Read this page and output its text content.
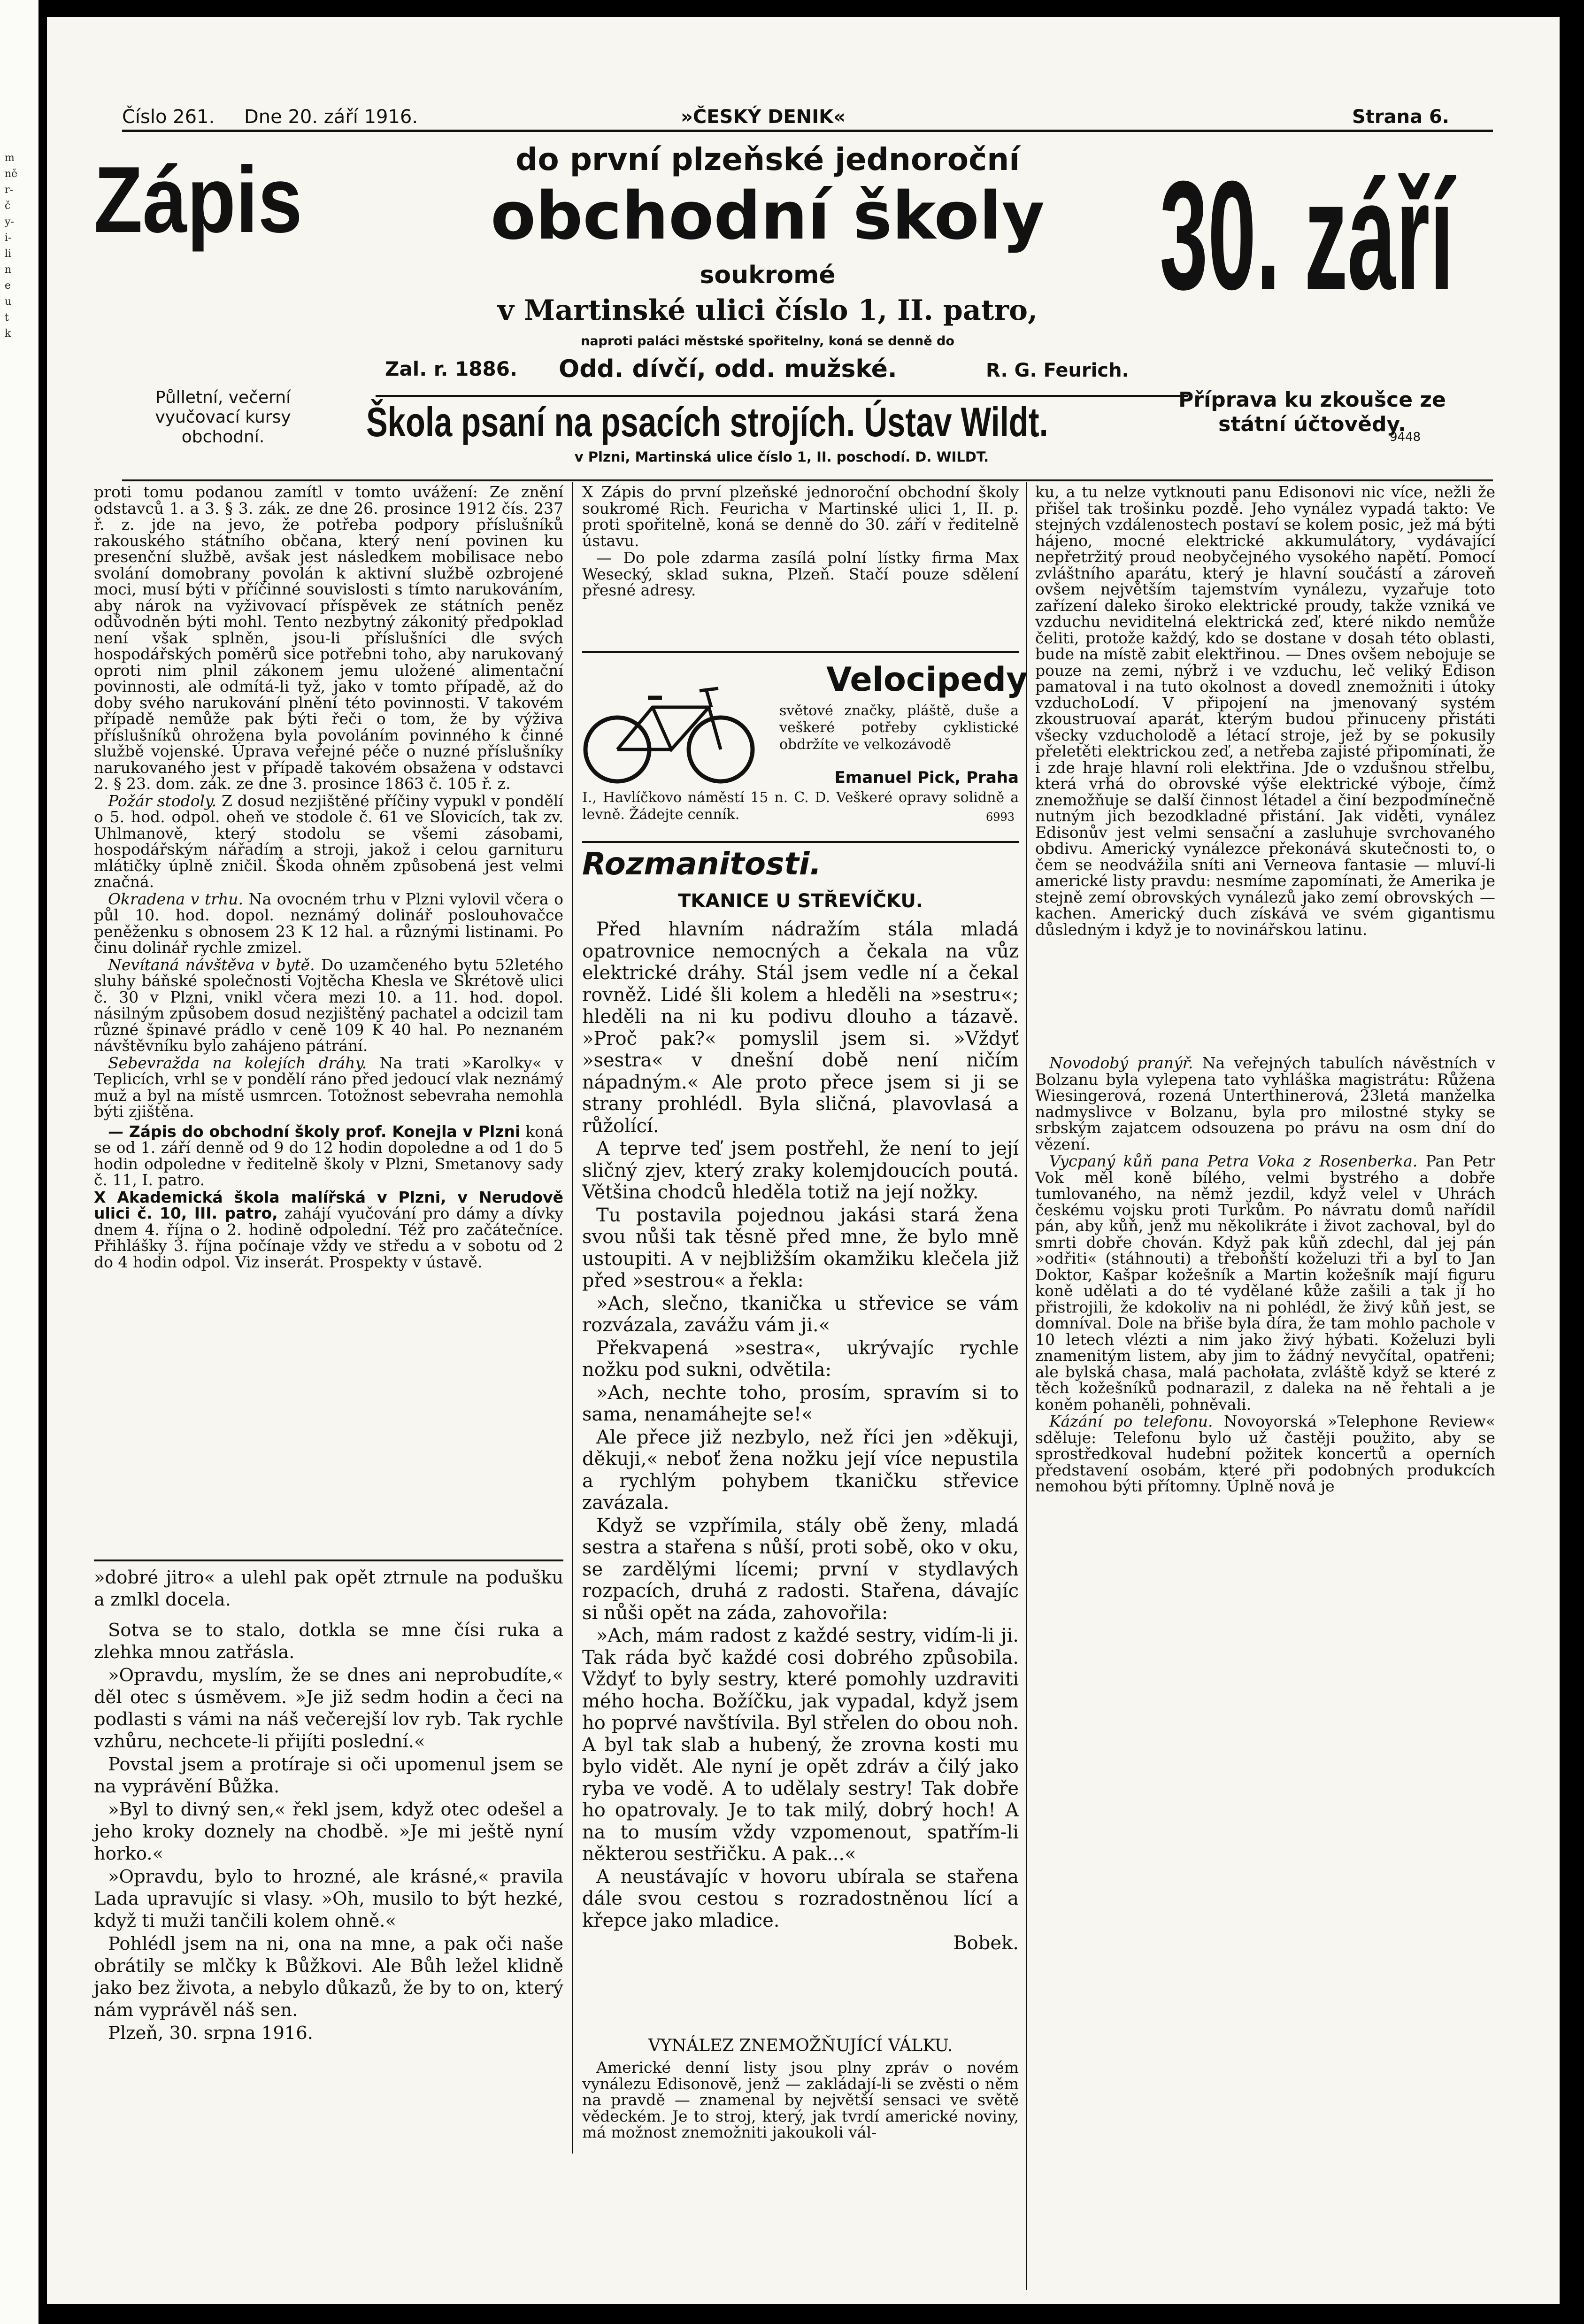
m
ně
r-
č
y-
i-
li
n
e
u
t
k
Číslo 261. Dne 20. září 1916.	»ČESKÝ DENIK«	Strana 6.
Zápis
Půlletní, večerní vyučovací kursy obchodní.
do první plzeňské jednoroční
obchodní školy
soukromé
v Martinské ulici číslo 1, II. patro,
naproti paláci městské spořitelny, koná se denně do
Zal. r. 1886. Odd. dívčí, odd. mužské.	R. G. Feurich.
Škola psaní na psacích strojích. Ústav Wildt.
v Plzni, Martinská ulice číslo 1, II. poschodí. D. WILDT.
30. září
Příprava ku zkoušce ze státní účtovědy.
9448

proti tomu podanou zamítl v tomto uvážení: Ze znění odstavců 1. a 3. § 3. zák. ze dne 26. prosince 1912 čís. 237 ř. z. jde na jevo, že potřeba podpory příslušníků rakouského státního občana, který není povinen ku presenční službě, avšak jest následkem mobilisace nebo svolání domobrany povolán k aktivní službě ozbrojené moci, musí býti v příčinné souvislosti s tímto narukováním, aby nárok na vyživovací příspěvek ze státních peněz odůvodněn býti mohl. Tento nezbytný zákonitý předpoklad není však splněn, jsou-li příslušníci dle svých hospodářských poměrů sice potřebni toho, aby narukovaný oproti nim plnil zákonem jemu uložené alimentační povinnosti, ale odmítá-li tyž, jako v tomto případě, až do doby svého narukování plnění této povinnosti. V takovém případě nemůže pak býti řeči o tom, že by výživa příslušníků ohrožena byla povoláním povinného k činné službě vojenské. Úprava veřejné péče o nuzné příslušníky narukovaného jest v případě takovém obsažena v odstavci 2. § 23. dom. zák. ze dne 3. prosince 1863 č. 105 ř. z.

Požár stodoly. Z dosud nezjištěné příčiny vypukl v pondělí o 5. hod. odpol. oheň ve stodole č. 61 ve Slovicích, tak zv. Uhlmanově, který stodolu se všemi zásobami, hospodářským nářadím a stroji, jakož i celou garnituru mlátičky úplně zničil. Škoda ohněm způsobená jest velmi značná.

Okradena v trhu. Na ovocném trhu v Plzni vylovil včera o půl 10. hod. dopol. neznámý dolinář poslouhovačce peněženku s obnosem 23 K 12 hal. a různými listinami. Po činu dolinář rychle zmizel.

Nevítaná návštěva v bytě. Do uzamčeného bytu 52letého sluhy báňské společnosti Vojtěcha Khesla ve Skrétově ulici č. 30 v Plzni, vnikl včera mezi 10. a 11. hod. dopol. násilným způsobem dosud nezjištěný pachatel a odcizil tam různé špinavé prádlo v ceně 109 K 40 hal. Po neznaném návštěvníku bylo zahájeno pátrání.

Sebevražda na kolejích dráhy. Na trati »Karolky« v Teplicích, vrhl se v pondělí ráno před jedoucí vlak neznámý muž a byl na místě usmrcen. Totožnost sebevraha nemohla býti zjištěna.

— Zápis do obchodní školy prof. Konejla v Plzni koná se od 1. září denně od 9 do 12 hodin dopoledne a od 1 do 5 hodin odpoledne v ředitelně školy v Plzni, Smetanovy sady č. 11, I. patro.

X Akademická škola malířská v Plzni, v Nerudově ulici č. 10, III. patro, zahájí vyučování pro dámy a dívky dnem 4. října o 2. hodině odpolední. Též pro začátečníce. Přihlášky 3. října počínaje vždy ve středu a v sobotu od 2 do 4 hodin odpol. Viz inserát. Prospekty v ústavě.

»dobré jitro« a ulehl pak opět ztrnule na podušku a zmlkl docela.

Sotva se to stalo, dotkla se mne čísi ruka a zlehka mnou zatřásla.

»Opravdu, myslím, že se dnes ani neprobudíte,« děl otec s úsměvem. »Je již sedm hodin a čeci na podlasti s vámi na náš večerejší lov ryb. Tak rychle vzhůru, nechcete-li přijíti poslední.«

Povstal jsem a protíraje si oči upomenul jsem se na vyprávění Bůžka.

»Byl to divný sen,« řekl jsem, když otec odešel a jeho kroky doznely na chodbě. »Je mi ještě nyní horko.«

»Opravdu, bylo to hrozné, ale krásné,« pravila Lada upravujíc si vlasy. »Oh, musilo to být hezké, když ti muži tančili kolem ohně.«

Pohlédl jsem na ni, ona na mne, a pak oči naše obrátily se mlčky k Bůžkovi. Ale Bůh ležel klidně jako bez života, a nebylo důkazů, že by to on, který nám vyprávěl náš sen.

Plzeň, 30. srpna 1916.

X Zápis do první plzeňské jednoroční obchodní školy soukromé Rich. Feuricha v Martinské ulici 1, II. p. proti spořitelně, koná se denně do 30. září v ředitelně ústavu.

— Do pole zdarma zasílá polní lístky firma Max Wesecký, sklad sukna, Plzeň. Stačí pouze sdělení přesné adresy.

Velocipedy
světové značky, pláště, duše a veškeré potřeby cyklistické obdržíte ve velkozávodě
Emanuel Pick, Praha
I., Havlíčkovo náměstí 15 n. C. D. Veškeré opravy solidně a levně. Žádejte cenník.	6993
Rozmanitosti.
TKANICE U STŘEVÍČKU.

Před hlavním nádražím stála mladá opatrovnice nemocných a čekala na vůz elektrické dráhy. Stál jsem vedle ní a čekal rovněž. Lidé šli kolem a hleděli na »sestru«; hleděli na ni ku podivu dlouho a tázavě. »Proč pak?« pomyslil jsem si. »Vždyť »sestra« v dnešní době není ničím nápadným.« Ale proto přece jsem si ji se strany prohlédl. Byla sličná, plavovlasá a růžolící.

A teprve teď jsem postřehl, že není to její sličný zjev, který zraky kolemjdoucích poutá. Většina chodců hleděla totiž na její nožky.

Tu postavila pojednou jakási stará žena svou nůši tak těsně před mne, že bylo mně ustoupiti. A v nejbližším okamžiku klečela již před »sestrou« a řekla:

»Ach, slečno, tkanička u střevice se vám rozvázala, zavážu vám ji.«

Překvapená »sestra«, ukrývajíc rychle nožku pod sukni, odvětila:

»Ach, nechte toho, prosím, spravím si to sama, nenamáhejte se!«

Ale přece již nezbylo, než říci jen »děkuji, děkuji,« neboť žena nožku její více nepustila a rychlým pohybem tkaničku střevice zavázala.

Když se vzpřímila, stály obě ženy, mladá sestra a stařena s nůší, proti sobě, oko v oku, se zardělými lícemi; první v stydlavých rozpacích, druhá z radosti. Stařena, dávajíc si nůši opět na záda, zahovořila:

»Ach, mám radost z každé sestry, vidím-li ji. Tak ráda byč každé cosi dobrého způsobila. Vždyť to byly sestry, které pomohly uzdraviti mého hocha. Božíčku, jak vypadal, když jsem ho poprvé navštívila. Byl střelen do obou noh. A byl tak slab a hubený, že zrovna kosti mu bylo vidět. Ale nyní je opět zdráv a čilý jako ryba ve vodě. A to udělaly sestry! Tak dobře ho opatrovaly. Je to tak milý, dobrý hoch! A na to musím vždy vzpomenout, spatřím-li některou sestřičku. A pak...«

A neustávajíc v hovoru ubírala se stařena dále svou cestou s rozradostněnou lící a křepce jako mladice.

Bobek.

VYNÁLEZ ZNEMOŽŇUJÍCÍ VÁLKU.

Americké denní listy jsou plny zpráv o novém vynálezu Edisonově, jenž — zakládají-li se zvěsti o něm na pravdě — znamenal by největší sensaci ve světě vědeckém. Je to stroj, který, jak tvrdí americké noviny, má možnost znemožniti jakoukoli vál-

ku, a tu nelze vytknouti panu Edisonovi nic více, nežli že přišel tak trošinku pozdě. Jeho vynález vypadá takto: Ve stejných vzdálenostech postaví se kolem posic, jež má býti hájeno, mocné elektrické akkumulátory, vydávající nepřetržitý proud neobyčejného vysokého napětí. Pomocí zvláštního aparátu, který je hlavní součástí a zároveň ovšem největším tajemstvím vynálezu, vyzařuje toto zařízení daleko široko elektrické proudy, takže vzniká ve vzduchu neviditelná elektrická zeď, které nikdo nemůže čeliti, protože každý, kdo se dostane v dosah této oblasti, bude na místě zabit elektřinou. — Dnes ovšem nebojuje se pouze na zemi, nýbrž i ve vzduchu, leč veliký Edison pamatoval i na tuto okolnost a dovedl znemožniti i útoky vzduchoLodí. V připojení na jmenovaný systém zkoustruovaí aparát, kterým budou přinuceny přistáti všecky vzducholodě a létací stroje, jež by se pokusily přeletěti elektrickou zeď, a netřeba zajisté připomínati, že i zde hraje hlavní roli elektřina. Jde o vzdušnou střelbu, která vrhá do obrovské výše elektrické výboje, čímž znemožňuje se další činnost létadel a činí bezpodmínečně nutným jich bezodkladné přistání. Jak viděti, vynález Edisonův jest velmi sensační a zasluhuje svrchovaného obdivu. Americký vynálezce překonává skutečnosti to, o čem se neodvážila sníti ani Verneova fantasie — mluví-li americké listy pravdu: nesmíme zapomínati, že Amerika je stejně zemí obrovských vynálezů jako zemí obrovských — kachen. Americký duch získává ve svém gigantismu důsledným i když je to novinářskou latinu.

Novodobý pranýř. Na veřejných tabulích návěstních v Bolzanu byla vylepena tato vyhláška magistrátu: Růžena Wiesingerová, rozená Unterthinerová, 23letá manželka nadmyslivce v Bolzanu, byla pro milostné styky se srbským zajatcem odsouzena po právu na osm dní do vězení.

Vycpaný kůň pana Petra Voka z Rosenberka. Pan Petr Vok měl koně bílého, velmi bystrého a dobře tumlovaného, na němž jezdil, když velel v Uhrách českému vojsku proti Turkům. Po návratu domů nařídil pán, aby kůň, jenž mu několikráte i život zachoval, byl do smrti dobře chován. Když pak kůň zdechl, dal jej pán »odřiti« (stáhnouti) a třeboňští koželuzi tři a byl to Jan Doktor, Kašpar kožešník a Martin kožešník mají figuru koně udělati a do té vydělané kůže zašili a tak jí ho přistrojili, že kdokoliv na ni pohlédl, že živý kůň jest, se domníval. Dole na břiše byla díra, že tam mohlo pachole v 10 letech vlézti a nim jako živý hýbati. Koželuzi byli znamenitým listem, aby jim to žádný nevyčítal, opatřeni; ale bylská chasa, malá pachołata, zvláště když se které z těch kožešníků podnarazil, z daleka na ně řehtali a je koněm pohaněli, pohněvali.

Kázání po telefonu. Novoyorská »Telephone Review« sděluje: Telefonu bylo už častěji použito, aby se sprostředkoval hudební požitek koncertů a operních představení osobám, které při podobných produkcích nemohou býti přítomny. Úplně nová je
